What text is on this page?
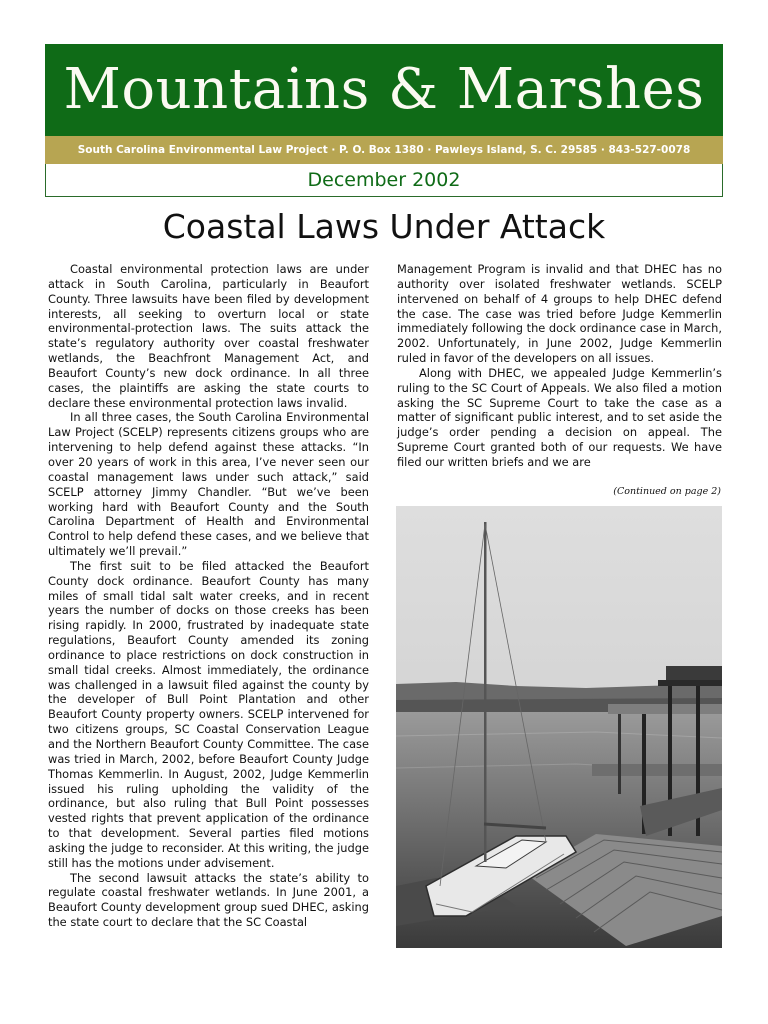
Mountains & Marshes
South Carolina Environmental Law Project · P. O. Box 1380 · Pawleys Island, S. C. 29585 · 843-527-0078
December 2002
Coastal Laws Under Attack

Coastal environmental protection laws are under attack in South Carolina, particularly in Beaufort County. Three lawsuits have been filed by development interests, all seeking to overturn local or state environmental-protection laws. The suits attack the state’s regulatory authority over coastal freshwater wetlands, the Beachfront Management Act, and Beaufort County’s new dock ordinance. In all three cases, the plaintiffs are asking the state courts to declare these environmental protection laws invalid.

In all three cases, the South Carolina Environmental Law Project (SCELP) represents citizens groups who are intervening to help defend against these attacks. “In over 20 years of work in this area, I’ve never seen our coastal management laws under such attack,” said SCELP attorney Jimmy Chandler. “But we’ve been working hard with Beaufort County and the South Carolina Department of Health and Environmental Control to help defend these cases, and we believe that ultimately we’ll prevail.”

The first suit to be filed attacked the Beaufort County dock ordinance. Beaufort County has many miles of small tidal salt water creeks, and in recent years the number of docks on those creeks has been rising rapidly. In 2000, frustrated by inadequate state regulations, Beaufort County amended its zoning ordinance to place restrictions on dock construction in small tidal creeks. Almost immediately, the ordinance was challenged in a lawsuit filed against the county by the developer of Bull Point Plantation and other Beaufort County property owners. SCELP intervened for two citizens groups, SC Coastal Conservation League and the Northern Beaufort County Committee. The case was tried in March, 2002, before Beaufort County Judge Thomas Kemmerlin. In August, 2002, Judge Kemmerlin issued his ruling upholding the validity of the ordinance, but also ruling that Bull Point possesses vested rights that prevent application of the ordinance to that development. Several parties filed motions asking the judge to reconsider. At this writing, the judge still has the motions under advisement.

The second lawsuit attacks the state’s ability to regulate coastal freshwater wetlands. In June 2001, a Beaufort County development group sued DHEC, asking the state court to declare that the SC Coastal

Management Program is invalid and that DHEC has no authority over isolated freshwater wetlands. SCELP intervened on behalf of 4 groups to help DHEC defend the case. The case was tried before Judge Kemmerlin immediately following the dock ordinance case in March, 2002. Unfortunately, in June 2002, Judge Kemmerlin ruled in favor of the developers on all issues.

Along with DHEC, we appealed Judge Kemmerlin’s ruling to the SC Court of Appeals. We also filed a motion asking the SC Supreme Court to take the case as a matter of significant public interest, and to set aside the judge’s order pending a decision on appeal. The Supreme Court granted both of our requests. We have filed our written briefs and we are

(Continued on page 2)
